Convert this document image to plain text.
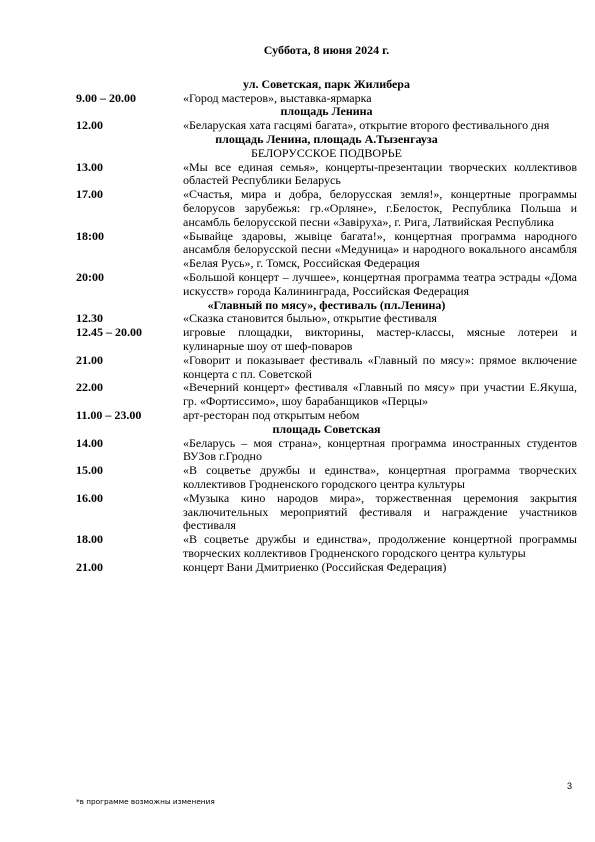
Суббота, 8 июня 2024 г.
ул. Советская, парк Жилибера
9.00 – 20.00	«Город мастеров», выставка-ярмарка
площадь Ленина
12.00	«Беларуская хата гасцямі багата», открытие второго фестивального дня
площадь Ленина, площадь А.Тызенгауза
БЕЛОРУССКОЕ ПОДВОРЬЕ
13.00	«Мы все единая семья», концерты-презентации творческих коллективов областей Республики Беларусь
17.00	«Счастья, мира и добра, белорусская земля!», концертные программы белорусов зарубежья: гр.«Орляне», г.Белосток, Республика Польша и ансамбль белорусской песни «Завіруха», г. Рига, Латвийская Республика
18:00	«Бывайце здаровы, жывіце багата!», концертная программа народного ансамбля белорусской песни «Медуница» и народного вокального ансамбля «Белая Русь», г. Томск, Российская Федерация
20:00	«Большой концерт – лучшее», концертная программа театра эстрады «Дома искусств» города Калининграда, Российская Федерация
«Главный по мясу», фестиваль (пл.Ленина)
12.30	«Сказка становится былью», открытие фестиваля
12.45 – 20.00	игровые площадки, викторины, мастер-классы, мясные лотереи и кулинарные шоу от шеф-поваров
21.00	«Говорит и показывает фестиваль «Главный по мясу»: прямое включение концерта с пл. Советской
22.00	«Вечерний концерт» фестиваля «Главный по мясу» при участии Е.Якуша, гр. «Фортиссимо», шоу барабанщиков «Перцы»
11.00 – 23.00	арт-ресторан под открытым небом
площадь Советская
14.00	«Беларусь – моя страна», концертная программа иностранных студентов ВУЗов г.Гродно
15.00	«В соцветье дружбы и единства», концертная программа творческих коллективов Гродненского городского центра культуры
16.00	«Музыка кино народов мира», торжественная церемония закрытия заключительных мероприятий фестиваля и награждение участников фестиваля
18.00	«В соцветье дружбы и единства», продолжение концертной программы творческих коллективов Гродненского городского центра культуры
21.00	концерт Вани Дмитриенко (Российская Федерация)
3
*в программе возможны изменения
